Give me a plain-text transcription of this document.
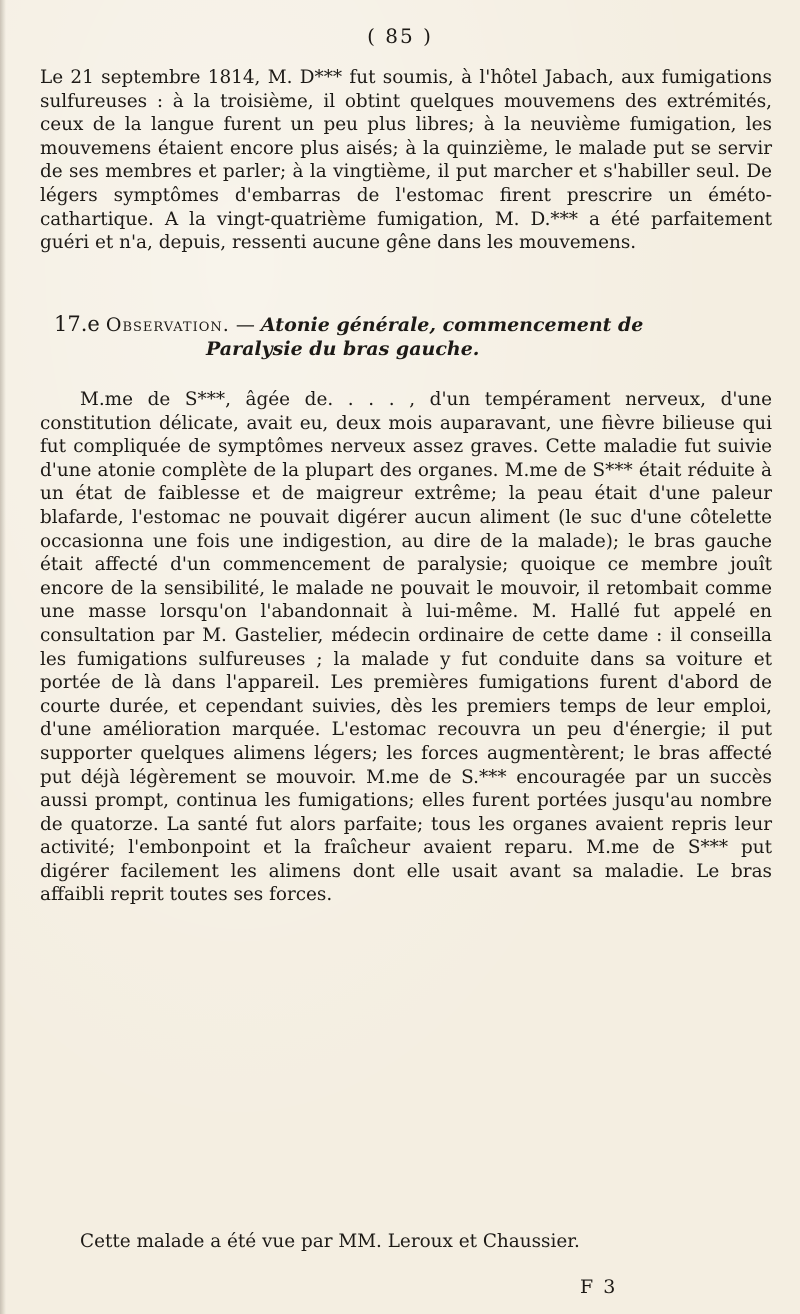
( 85 )

Le 21 septembre 1814, M. D*** fut soumis, à l'hôtel Jabach, aux fumigations sulfureuses : à la troisième, il obtint quelques mouvemens des extrémités, ceux de la langue furent un peu plus libres; à la neuvième fumigation, les mouvemens étaient encore plus aisés; à la quinzième, le malade put se servir de ses membres et parler; à la vingtième, il put marcher et s'habiller seul. De légers symptômes d'embarras de l'estomac firent prescrire un éméto-cathartique. A la vingt-quatrième fumigation, M. D.*** a été parfaitement guéri et n'a, depuis, ressenti aucune gêne dans les mouvemens.

17.e Observation. — Atonie générale, commencement de
Paralysie du bras gauche.

M.me de S***, âgée de. . . . , d'un tempérament nerveux, d'une constitution délicate, avait eu, deux mois auparavant, une fièvre bilieuse qui fut compliquée de symptômes nerveux assez graves. Cette maladie fut suivie d'une atonie complète de la plupart des organes. M.me de S*** était réduite à un état de faiblesse et de maigreur extrême; la peau était d'une paleur blafarde, l'estomac ne pouvait digérer aucun aliment (le suc d'une côtelette occasionna une fois une indigestion, au dire de la malade); le bras gauche était affecté d'un commencement de paralysie; quoique ce membre jouît encore de la sensibilité, le malade ne pouvait le mouvoir, il retombait comme une masse lorsqu'on l'abandonnait à lui-même. M. Hallé fut appelé en consultation par M. Gastelier, médecin ordinaire de cette dame : il conseilla les fumigations sulfureuses ; la malade y fut conduite dans sa voiture et portée de là dans l'appareil. Les premières fumigations furent d'abord de courte durée, et cependant suivies, dès les premiers temps de leur emploi, d'une amélioration marquée. L'estomac recouvra un peu d'énergie; il put supporter quelques alimens légers; les forces augmentèrent; le bras affecté put déjà légèrement se mouvoir. M.me de S.*** encouragée par un succès aussi prompt, continua les fumigations; elles furent portées jusqu'au nombre de quatorze. La santé fut alors parfaite; tous les organes avaient repris leur activité; l'embonpoint et la fraîcheur avaient reparu. M.me de S*** put digérer facilement les alimens dont elle usait avant sa maladie. Le bras affaibli reprit toutes ses forces.

Cette malade a été vue par MM. Leroux et Chaussier.

F 3
